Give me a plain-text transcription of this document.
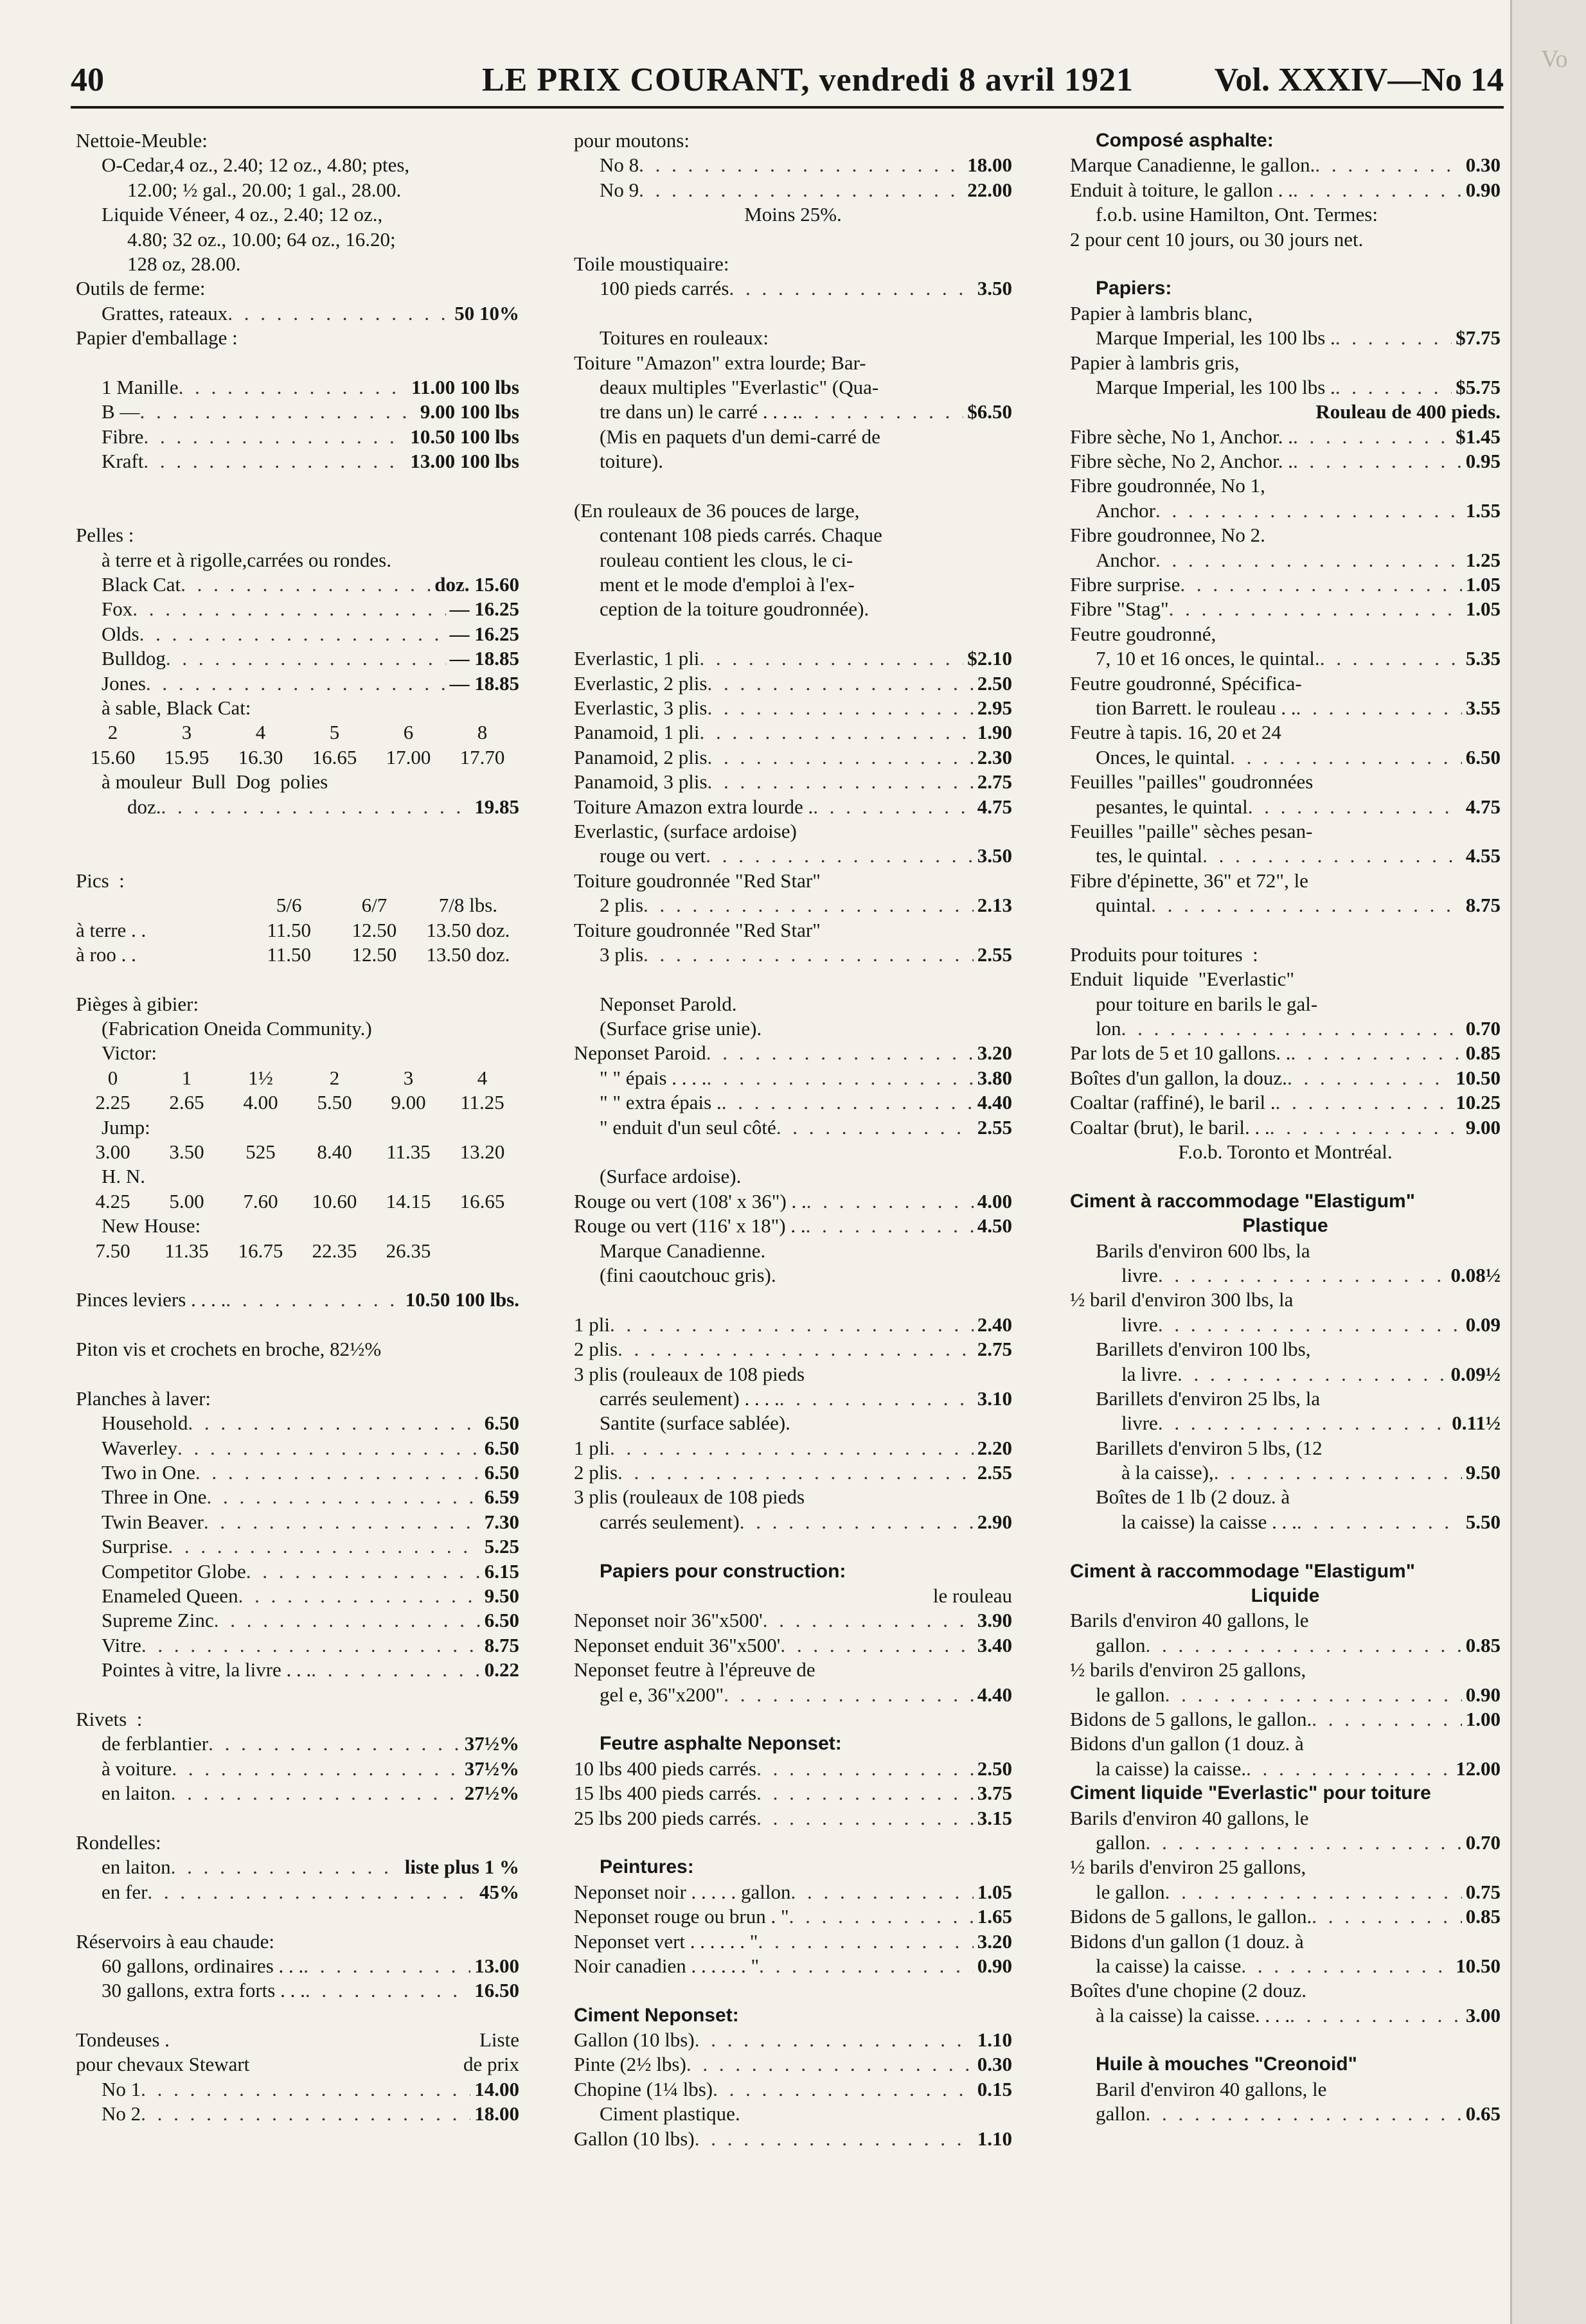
Vo
40	LE PRIX COURANT, vendredi 8 avril 1921 Vol. XXXIV—No 14
Nettoie-Meuble:
O-Cedar,4 oz., 2.40; 12 oz., 4.80; ptes,
12.00; ½ gal., 20.00; 1 gal., 28.00.
Liquide Véneer, 4 oz., 2.40; 12 oz.,
4.80; 32 oz., 10.00; 64 oz., 16.20;
128 oz, 28.00.
Outils de ferme:
Grattes, rateaux . . .	50 10%
Papier d'emballage :
1 Manille . . .	11.00 100 lbs
B — . . .	9.00 100 lbs
Fibre . . .	10.50 100 lbs
Kraft . . .	13.00 100 lbs
Pelles :
à terre et à rigolle,carrées ou rondes.
Black Cat . . .	doz. 15.60
Fox . . .	— 16.25
Olds . . .	— 16.25
Bulldog . . .	— 18.85
Jones . . .	— 18.85
à sable, Black Cat:
2	3	4	5	6	8
15.60	15.95	16.30	16.65	17.00	17.70
à mouleur  Bull  Dog  polies
doz. . . .	19.85
Pics  :
5/6	6/7	7/8 lbs.
à terre . .	11.50	12.50	13.50 doz.
à roo . .	11.50	12.50	13.50 doz.
Pièges à gibier:
(Fabrication Oneida Community.)
Victor:
0	1	1½	2	3	4
2.25	2.65	4.00	5.50	9.00	11.25
Jump:
3.00	3.50	525	8.40	11.35	13.20
H. N.
4.25	5.00	7.60	10.60	14.15	16.65
New House:
7.50	11.35	16.75	22.35	26.35
Pinces leviers . . . . . . .	10.50 100 lbs.
Piton vis et crochets en broche, 82½%
Planches à laver:
Household . . .	6.50
Waverley . . .	6.50
Two in One . . .	6.50
Three in One . . .	6.59
Twin Beaver . . .	7.30
Surprise . . .	5.25
Competitor Globe . . .	6.15
Enameled Queen . . .	9.50
Supreme Zinc . . .	6.50
Vitre . . .	8.75
Pointes à vitre, la livre . . . . . .	0.22
Rivets  :
de ferblantier . . .	37½%
à voiture . . .	37½%
en laiton . . .	27½%
Rondelles:
en laiton . . .	liste plus 1 %
en fer . . .	45%
Réservoirs à eau chaude:
60 gallons, ordinaires . . . . . .	13.00
30 gallons, extra forts . . . . . .	16.50
Tondeuses .	Liste
pour chevaux Stewart	de prix
No 1 . . .	14.00
No 2 . . .	18.00
pour moutons:
No 8 . . .	18.00
No 9 . . .	22.00
Moins 25%.
Toile moustiquaire:
100 pieds carrés . . .	3.50
Toitures en rouleaux:
Toiture "Amazon" extra lourde; Bar-
deaux multiples "Everlastic" (Qua-
tre dans un) le carré . . . . . . .	$6.50
(Mis en paquets d'un demi-carré de
toiture).
(En rouleaux de 36 pouces de large,
contenant 108 pieds carrés. Chaque
rouleau contient les clous, le ci-
ment et le mode d'emploi à l'ex-
ception de la toiture goudronnée).
Everlastic, 1 pli . . .	$2.10
Everlastic, 2 plis . . .	2.50
Everlastic, 3 plis . . .	2.95
Panamoid, 1 pli . . .	1.90
Panamoid, 2 plis . . .	2.30
Panamoid, 3 plis . . .	2.75
Toiture Amazon extra lourde . . . .	4.75
Everlastic, (surface ardoise)
rouge ou vert . . .	3.50
Toiture goudronnée "Red Star"
2 plis . . .	2.13
Toiture goudronnée "Red Star"
3 plis . . .	2.55
Neponset Parold.
(Surface grise unie).
Neponset Paroid . . .	3.20
" " épais . . . . . . .	3.80
" " extra épais . . . .	4.40
" enduit d'un seul côté . . .	2.55
(Surface ardoise).
Rouge ou vert (108' x 36") . . . . .	4.00
Rouge ou vert (116' x 18") . . . . .	4.50
Marque Canadienne.
(fini caoutchouc gris).
1 pli . . .	2.40
2 plis . . .	2.75
3 plis (rouleaux de 108 pieds
carrés seulement) . . . . . . .	3.10
Santite (surface sablée).
1 pli . . .	2.20
2 plis . . .	2.55
3 plis (rouleaux de 108 pieds
carrés seulement) . . .	2.90
Papiers pour construction:
le rouleau
Neponset noir 36"x500' . . .	3.90
Neponset enduit 36"x500' . . .	3.40
Neponset feutre à l'épreuve de
gel e, 36"x200" . . .	4.40
Feutre asphalte Neponset:
10 lbs 400 pieds carrés . . .	2.50
15 lbs 400 pieds carrés . . .	3.75
25 lbs 200 pieds carrés . . .	3.15
Peintures:
Neponset noir . . . . . gallon . . .	1.05
Neponset rouge ou brun . " . . .	1.65
Neponset vert . . . . . . " . . .	3.20
Noir canadien . . . . . . " . . .	0.90
Ciment Neponset:
Gallon (10 lbs) . . .	1.10
Pinte (2½ lbs) . . .	0.30
Chopine (1¼ lbs) . . .	0.15
Ciment plastique.
Gallon (10 lbs) . . .	1.10
Composé asphalte:
Marque Canadienne, le gallon. . . .	0.30
Enduit à toiture, le gallon . . . . .	0.90
f.o.b. usine Hamilton, Ont. Termes:
2 pour cent 10 jours, ou 30 jours net.
Papiers:
Papier à lambris blanc,
Marque Imperial, les 100 lbs . . . .	$7.75
Papier à lambris gris,
Marque Imperial, les 100 lbs . . . .	$5.75
Rouleau de 400 pieds.
Fibre sèche, No 1, Anchor. . . . .	$1.45
Fibre sèche, No 2, Anchor. . . . .	0.95
Fibre goudronnée, No 1,
Anchor . . .	1.55
Fibre goudronnee, No 2.
Anchor . . .	1.25
Fibre surprise . . .	1.05
Fibre "Stag" . . .	1.05
Feutre goudronné,
7, 10 et 16 onces, le quintal. . . .	5.35
Feutre goudronné, Spécifica-
tion Barrett. le rouleau . . . . .	3.55
Feutre à tapis. 16, 20 et 24
Onces, le quintal . . .	6.50
Feuilles "pailles" goudronnées
pesantes, le quintal . . .	4.75
Feuilles "paille" sèches pesan-
tes, le quintal . . .	4.55
Fibre d'épinette, 36" et 72", le
quintal . . .	8.75
Produits pour toitures  :
Enduit  liquide  "Everlastic"
pour toiture en barils le gal-
lon . . .	0.70
Par lots de 5 et 10 gallons. . . . .	0.85
Boîtes d'un gallon, la douz. . . .	10.50
Coaltar (raffiné), le baril . . . .	10.25
Coaltar (brut), le baril. . . . . .	9.00
F.o.b. Toronto et Montréal.
Ciment à raccommodage "Elastigum"
Plastique
Barils d'environ 600 lbs, la
livre . . .	0.08½
½ baril d'environ 300 lbs, la
livre . . .	0.09
Barillets d'environ 100 lbs,
la livre . . .	0.09½
Barillets d'environ 25 lbs, la
livre . . .	0.11½
Barillets d'environ 5 lbs, (12
à la caisse), . . .	9.50
Boîtes de 1 lb (2 douz. à
la caisse) la caisse . . . . . .	5.50
Ciment à raccommodage "Elastigum"
Liquide
Barils d'environ 40 gallons, le
gallon . . .	0.85
½ barils d'environ 25 gallons,
le gallon . . .	0.90
Bidons de 5 gallons, le gallon. . . .	1.00
Bidons d'un gallon (1 douz. à
la caisse) la caisse. . . .	12.00
Ciment liquide "Everlastic" pour toiture
Barils d'environ 40 gallons, le
gallon . . .	0.70
½ barils d'environ 25 gallons,
le gallon . . .	0.75
Bidons de 5 gallons, le gallon. . . .	0.85
Bidons d'un gallon (1 douz. à
la caisse) la caisse . . .	10.50
Boîtes d'une chopine (2 douz.
à la caisse) la caisse. . . . . . .	3.00
Huile à mouches "Creonoid"
Baril d'environ 40 gallons, le
gallon . . .	0.65
